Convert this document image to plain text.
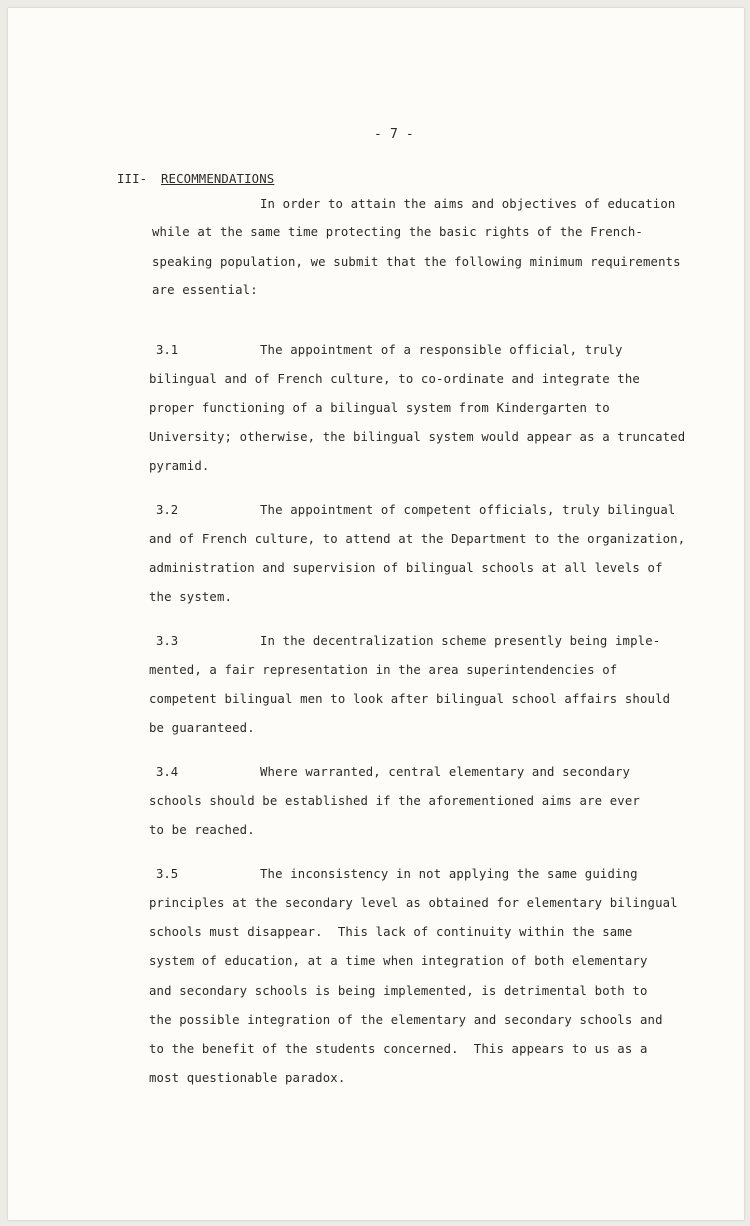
- 7 -
III- RECOMMENDATIONS
In order to attain the aims and objectives of education
while at the same time protecting the basic rights of the French-
speaking population, we submit that the following minimum requirements
are essential:
3.1	The appointment of a responsible official, truly
bilingual and of French culture, to co-ordinate and integrate the
proper functioning of a bilingual system from Kindergarten to
University; otherwise, the bilingual system would appear as a truncated
pyramid.
3.2	The appointment of competent officials, truly bilingual
and of French culture, to attend at the Department to the organization,
administration and supervision of bilingual schools at all levels of
the system.
3.3	In the decentralization scheme presently being imple-
mented, a fair representation in the area superintendencies of
competent bilingual men to look after bilingual school affairs should
be guaranteed.
3.4	Where warranted, central elementary and secondary
schools should be established if the aforementioned aims are ever
to be reached.
3.5	The inconsistency in not applying the same guiding
principles at the secondary level as obtained for elementary bilingual
schools must disappear.  This lack of continuity within the same
system of education, at a time when integration of both elementary
and secondary schools is being implemented, is detrimental both to
the possible integration of the elementary and secondary schools and
to the benefit of the students concerned.  This appears to us as a
most questionable paradox.
